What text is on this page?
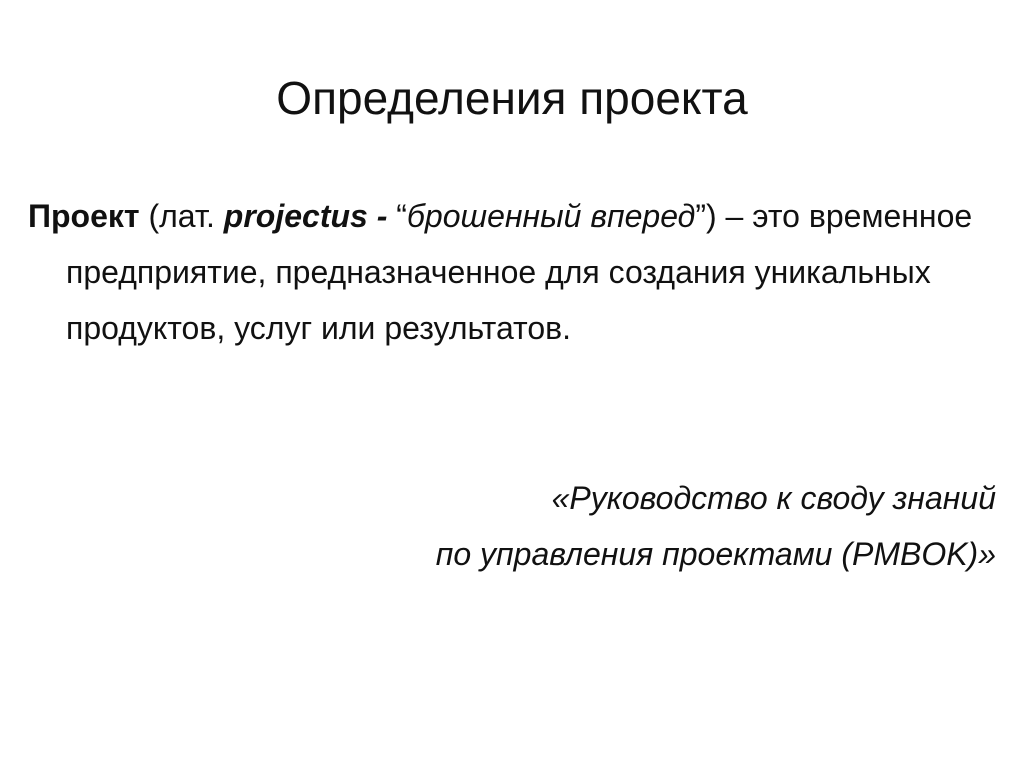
Определения проекта

Проект (лат. projectus - “брошенный вперед”) – это временное предприятие, предназначенное для создания уникальных продуктов, услуг или результатов.

«Руководство к своду знаний
по управления проектами (PMBOK)»
